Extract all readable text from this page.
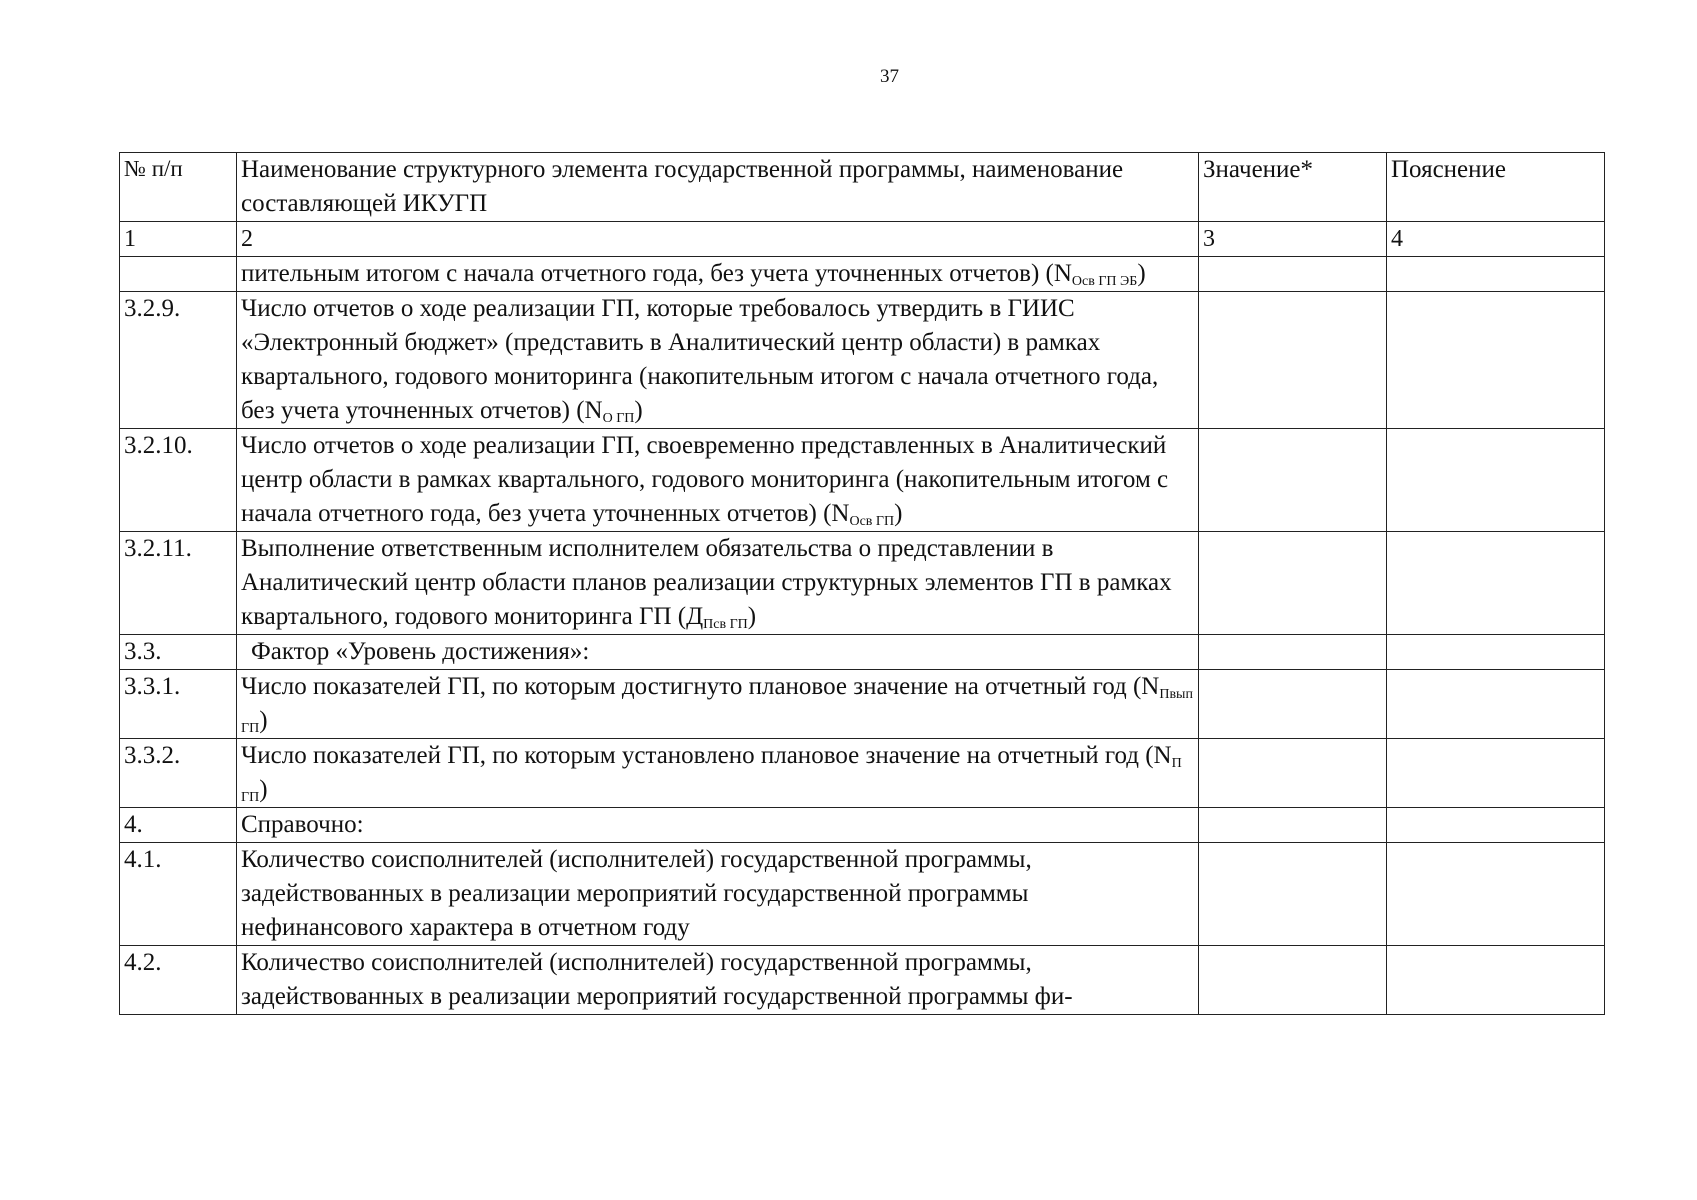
37
№ п/п	Наименование структурного элемента государственной программы, наименование составляющей ИКУГП	Значение*	Пояснение
1	2	3	4
	пительным итогом с начала отчетного года, без учета уточненных отчетов) $(N_{Осв ГП ЭБ})$		
3.2.9.	Число отчетов о ходе реализации ГП, которые требовалось утвердить в ГИИС «Электронный бюджет» (представить в Аналитический центр области) в рамках квартального, годового мониторинга (накопительным итогом с начала отчетного года, без учета уточненных отчетов) $(N_{О ГП})$		
3.2.10.	Число отчетов о ходе реализации ГП, своевременно представленных в Аналитический центр области в рамках квартального, годового мониторинга (накопительным итогом с начала отчетного года, без учета уточненных отчетов) $(N_{Осв ГП})$		
3.2.11.	Выполнение ответственным исполнителем обязательства о представлении в Аналитический центр области планов реализации структурных элементов ГП в рамках квартального, годового мониторинга ГП $(Д_{Псв ГП})$		
3.3.	Фактор «Уровень достижения»:		
3.3.1.	Число показателей ГП, по которым достигнуто плановое значение на отчетный год $(N_{Пвып ГП})$		
3.3.2.	Число показателей ГП, по которым установлено плановое значение на отчетный год $(N_{П ГП})$		
4.	Справочно:		
4.1.	Количество соисполнителей (исполнителей) государственной программы, задействованных в реализации мероприятий государственной программы нефинансового характера в отчетном году		
4.2.	Количество соисполнителей (исполнителей) государственной программы, задействованных в реализации мероприятий государственной программы фи-		
